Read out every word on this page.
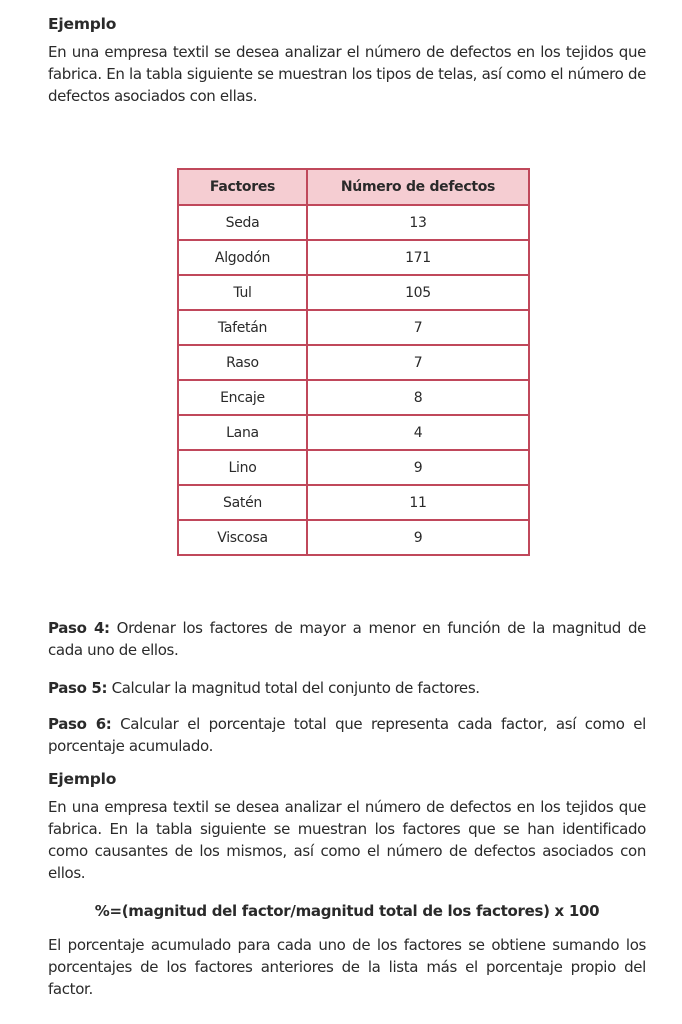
Ejemplo

En una empresa textil se desea analizar el número de defectos en los tejidos que fabrica. En la tabla siguiente se muestran los tipos de telas, así como el número de defectos asociados con ellas.

Factores	Número de defectos
Seda	13
Algodón	171
Tul	105
Tafetán	7
Raso	7
Encaje	8
Lana	4
Lino	9
Satén	11
Viscosa	9

Paso 4: Ordenar los factores de mayor a menor en función de la magnitud de cada uno de ellos.

Paso 5: Calcular la magnitud total del conjunto de factores.

Paso 6: Calcular el porcentaje total que representa cada factor, así como el porcentaje acumulado.

Ejemplo

En una empresa textil se desea analizar el número de defectos en los tejidos que fabrica. En la tabla siguiente se muestran los factores que se han identificado como causantes de los mismos, así como el número de defectos asociados con ellos.

%=(magnitud del factor/magnitud total de los factores) x 100

El porcentaje acumulado para cada uno de los factores se obtiene sumando los porcentajes de los factores anteriores de la lista más el porcentaje propio del factor.
